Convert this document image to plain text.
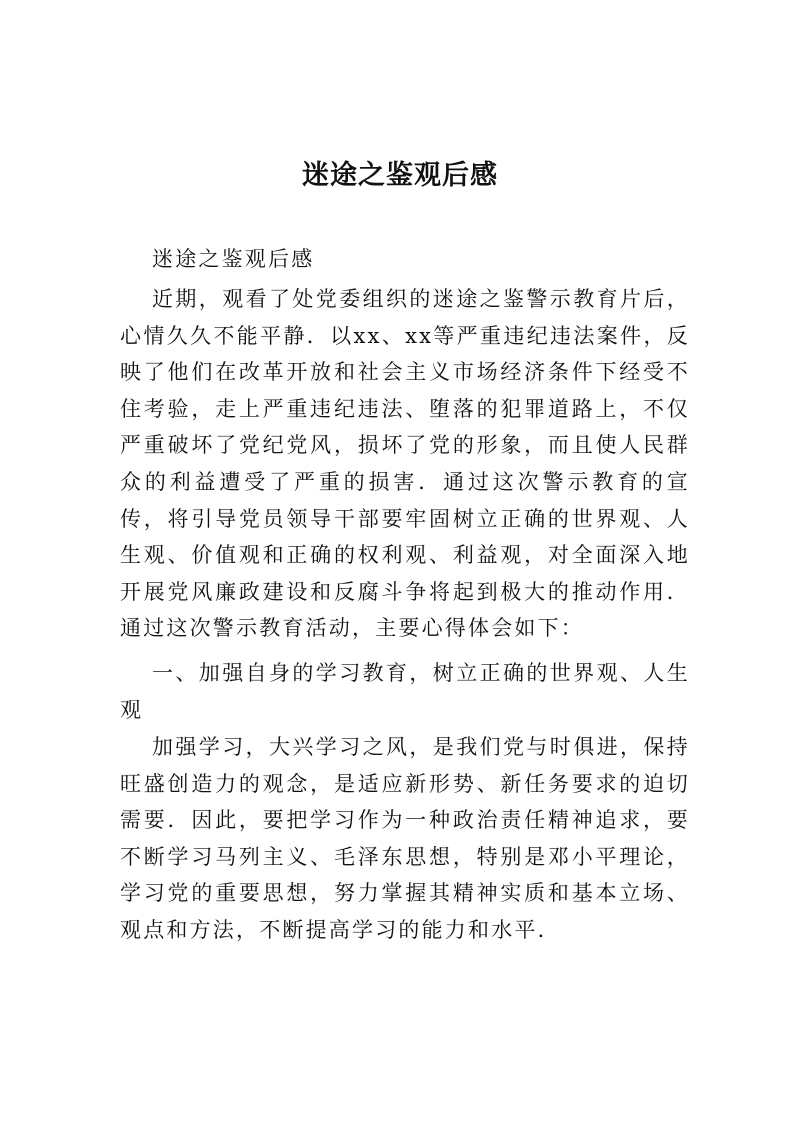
迷途之鉴观后感
迷途之鉴观后感

近期，观看了处党委组织的迷途之鉴警示教育片后，心情久久不能平静．以xx、xx等严重违纪违法案件，反映了他们在改革开放和社会主义市场经济条件下经受不住考验，走上严重违纪违法、堕落的犯罪道路上，不仅严重破坏了党纪党风，损坏了党的形象，而且使人民群众的利益遭受了严重的损害．通过这次警示教育的宣传，将引导党员领导干部要牢固树立正确的世界观、人生观、价值观和正确的权利观、利益观，对全面深入地开展党风廉政建设和反腐斗争将起到极大的推动作用．通过这次警示教育活动，主要心得体会如下：

一、加强自身的学习教育，树立正确的世界观、人生观

加强学习，大兴学习之风，是我们党与时俱进，保持旺盛创造力的观念，是适应新形势、新任务要求的迫切需要．因此，要把学习作为一种政治责任精神追求，要不断学习马列主义、毛泽东思想，特别是邓小平理论，学习党的重要思想，努力掌握其精神实质和基本立场、观点和方法，不断提高学习的能力和水平．
